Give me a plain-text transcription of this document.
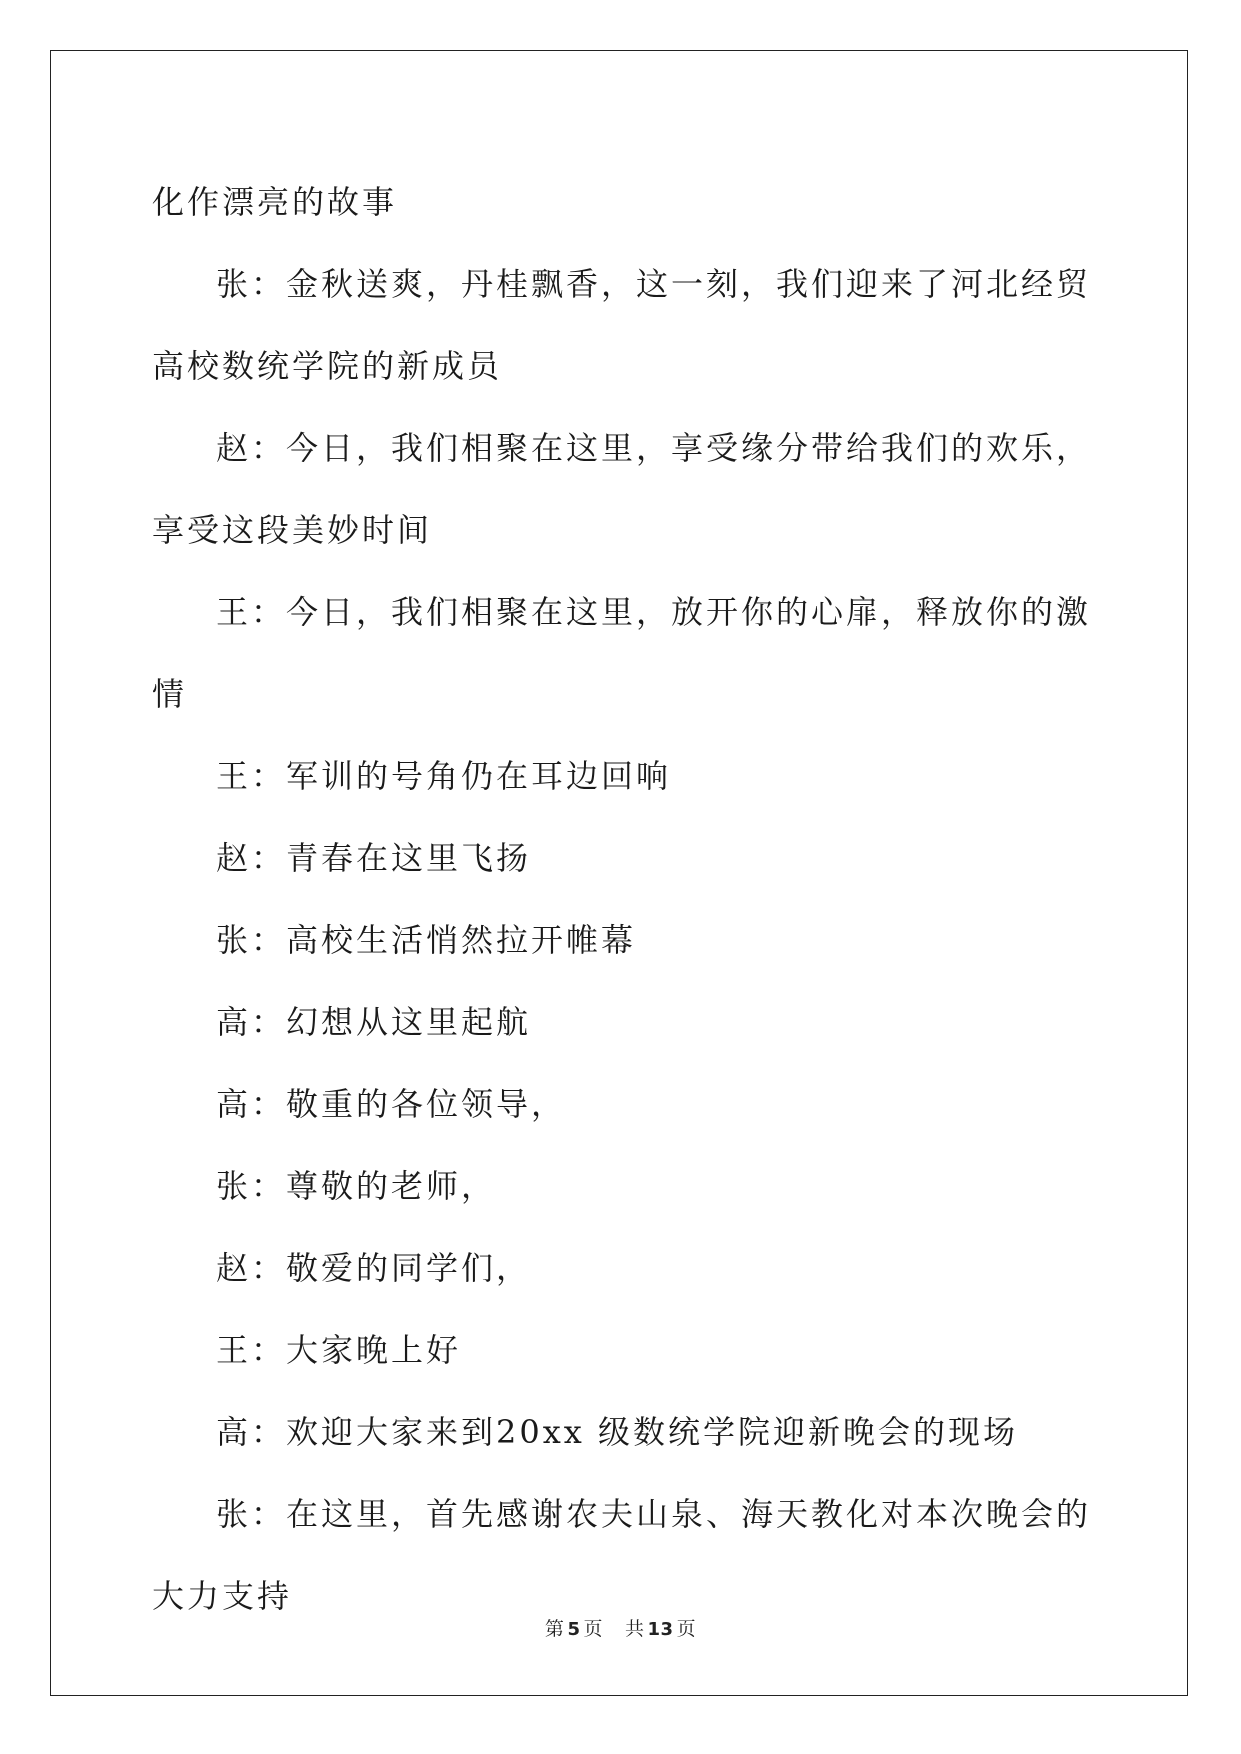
化作漂亮的故事

张：金秋送爽，丹桂飘香，这一刻，我们迎来了河北经贸高校数统学院的新成员

赵：今日，我们相聚在这里，享受缘分带给我们的欢乐，享受这段美妙时间

王：今日，我们相聚在这里，放开你的心扉，释放你的激情

王：军训的号角仍在耳边回响

赵：青春在这里飞扬

张：高校生活悄然拉开帷幕

高：幻想从这里起航

高：敬重的各位领导，

张：尊敬的老师，

赵：敬爱的同学们，

王：大家晚上好

高：欢迎大家来到20xx 级数统学院迎新晚会的现场

张：在这里，首先感谢农夫山泉、海天教化对本次晚会的大力支持

第 5 页 共 13 页
